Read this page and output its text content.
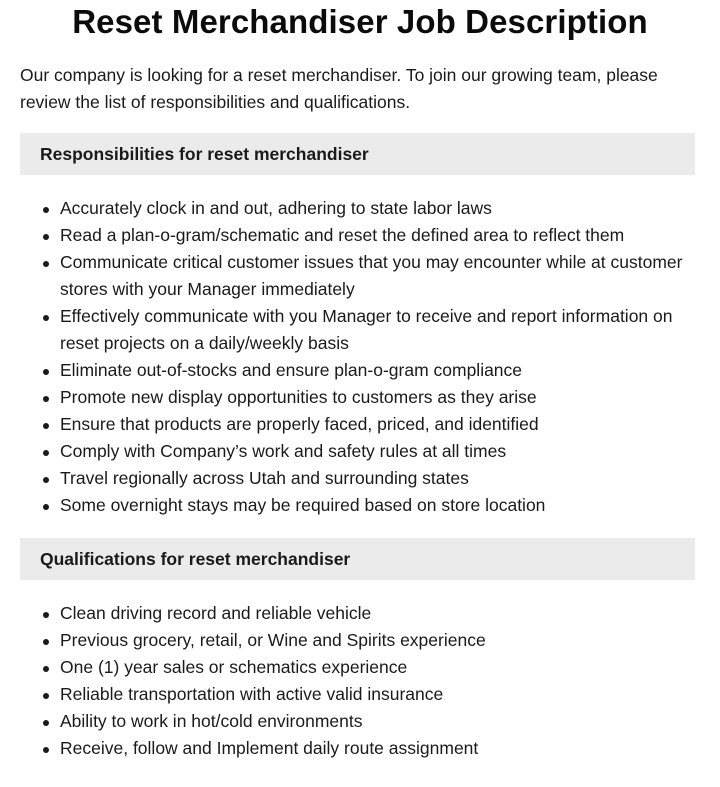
Reset Merchandiser Job Description

Our company is looking for a reset merchandiser. To join our growing team, please review the list of responsibilities and qualifications.

Responsibilities for reset merchandiser
Accurately clock in and out, adhering to state labor laws
Read a plan-o-gram/schematic and reset the defined area to reflect them
Communicate critical customer issues that you may encounter while at customer stores with your Manager immediately
Effectively communicate with you Manager to receive and report information on reset projects on a daily/weekly basis
Eliminate out-of-stocks and ensure plan-o-gram compliance
Promote new display opportunities to customers as they arise
Ensure that products are properly faced, priced, and identified
Comply with Company’s work and safety rules at all times
Travel regionally across Utah and surrounding states
Some overnight stays may be required based on store location
Qualifications for reset merchandiser
Clean driving record and reliable vehicle
Previous grocery, retail, or Wine and Spirits experience
One (1) year sales or schematics experience
Reliable transportation with active valid insurance
Ability to work in hot/cold environments
Receive, follow and Implement daily route assignment
